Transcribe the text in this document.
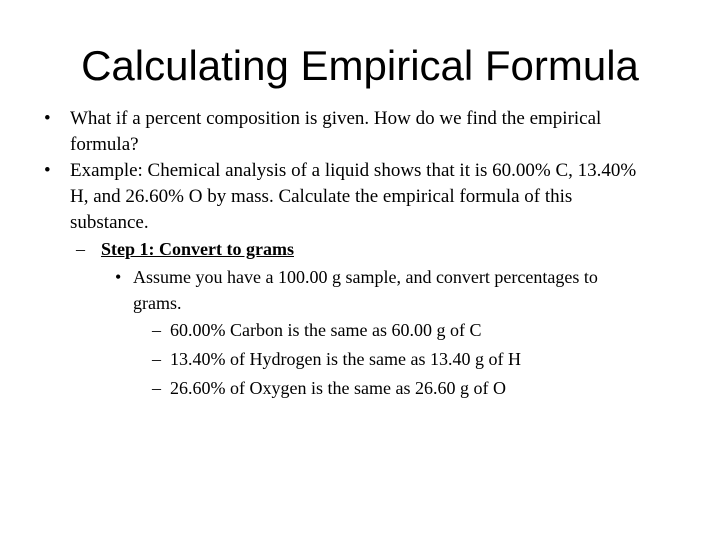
Calculating Empirical Formula
• What if a percent composition is given. How do we find the empirical
formula?
• Example: Chemical analysis of a liquid shows that it is 60.00% C, 13.40%
H, and 26.60% O by mass. Calculate the empirical formula of this
substance.
– Step 1: Convert to grams
• Assume you have a 100.00 g sample, and convert percentages to
grams.
– 60.00% Carbon is the same as 60.00 g of C
– 13.40% of Hydrogen is the same as 13.40 g of H
– 26.60% of Oxygen is the same as 26.60 g of O
